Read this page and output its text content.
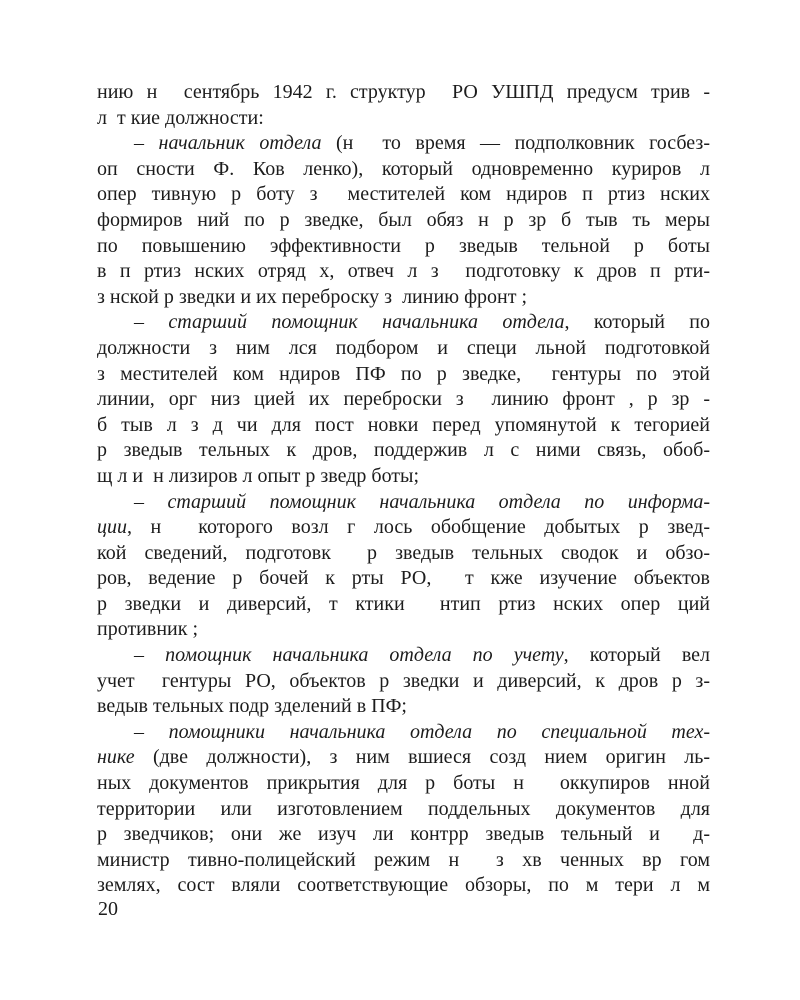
нию н  сентябрь 1942 г. структур  РО УШПД предусм трив -
л  т кие должности:
– начальник отдела (н  то время — подполковник госбез-
оп сности Ф. Ков ленко), который одновременно куриров л
опер тивную р боту з  местителей ком ндиров п ртиз нских
формиров ний по р зведке, был обяз н р зр б тыв ть меры
по повышению эффективности р зведыв тельной р боты
в п ртиз нских отряд х, отвеч л з  подготовку к дров п рти-
з нской р зведки и их переброску з  линию фронт ;
– старший помощник начальника отдела, который по
должности з ним лся подбором и специ льной подготовкой
з местителей ком ндиров ПФ по р зведке,  гентуры по этой
линии, орг низ цией их переброски з  линию фронт , р зр -
б тыв л з д чи для пост новки перед упомянутой к тегорией
р зведыв тельных к дров, поддержив л с ними связь, обоб-
щ л и  н лизиров л опыт р зведр боты;
– старший помощник начальника отдела по информа-
ции, н  которого возл г лось обобщение добытых р звед-
кой сведений, подготовк  р зведыв тельных сводок и обзо-
ров, ведение р бочей к рты РО,  т кже изучение объектов
р зведки и диверсий, т ктики  нтип ртиз нских опер ций
противник ;
– помощник начальника отдела по учету, который вел
учет  гентуры РО, объектов р зведки и диверсий, к дров р з-
ведыв тельных подр зделений в ПФ;
– помощники начальника отдела по специальной тех-
нике (две должности), з ним вшиеся созд нием оригин ль-
ных документов прикрытия для р боты н  оккупиров нной
территории или изготовлением поддельных документов для
р зведчиков; они же изуч ли контрр зведыв тельный и  д-
министр тивно-полицейский режим н  з хв ченных вр гом
землях, сост вляли соответствующие обзоры, по м тери л м
20
